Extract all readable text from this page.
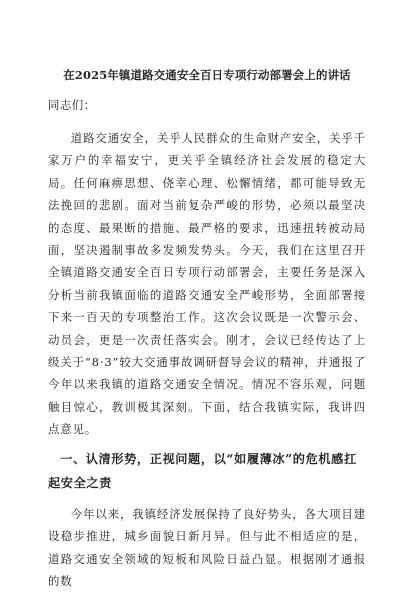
在2025年镇道路交通安全百日专项行动部署会上的讲话
同志们：

道路交通安全，关乎人民群众的生命财产安全，关乎千家万户的幸福安宁，更关乎全镇经济社会发展的稳定大局。任何麻痹思想、侥幸心理、松懈情绪，都可能导致无法挽回的悲剧。面对当前复杂严峻的形势，必须以最坚决的态度、最果断的措施、最严格的要求，迅速扭转被动局面，坚决遏制事故多发频发势头。今天，我们在这里召开全镇道路交通安全百日专项行动部署会，主要任务是深入分析当前我镇面临的道路交通安全严峻形势，全面部署接下来一百天的专项整治工作。这次会议既是一次警示会、动员会，更是一次责任落实会。刚才，会议已经传达了上级关于“8·3”较大交通事故调研督导会议的精神，并通报了今年以来我镇的道路交通安全情况。情况不容乐观，问题触目惊心，教训极其深刻。下面，结合我镇实际，我讲四点意见。

一、认清形势，正视问题，以“如履薄冰”的危机感扛起安全之责

今年以来，我镇经济发展保持了良好势头，各大项目建设稳步推进，城乡面貌日新月异。但与此不相适应的是，道路交通安全领域的短板和风险日益凸显。根据刚才通报的数
